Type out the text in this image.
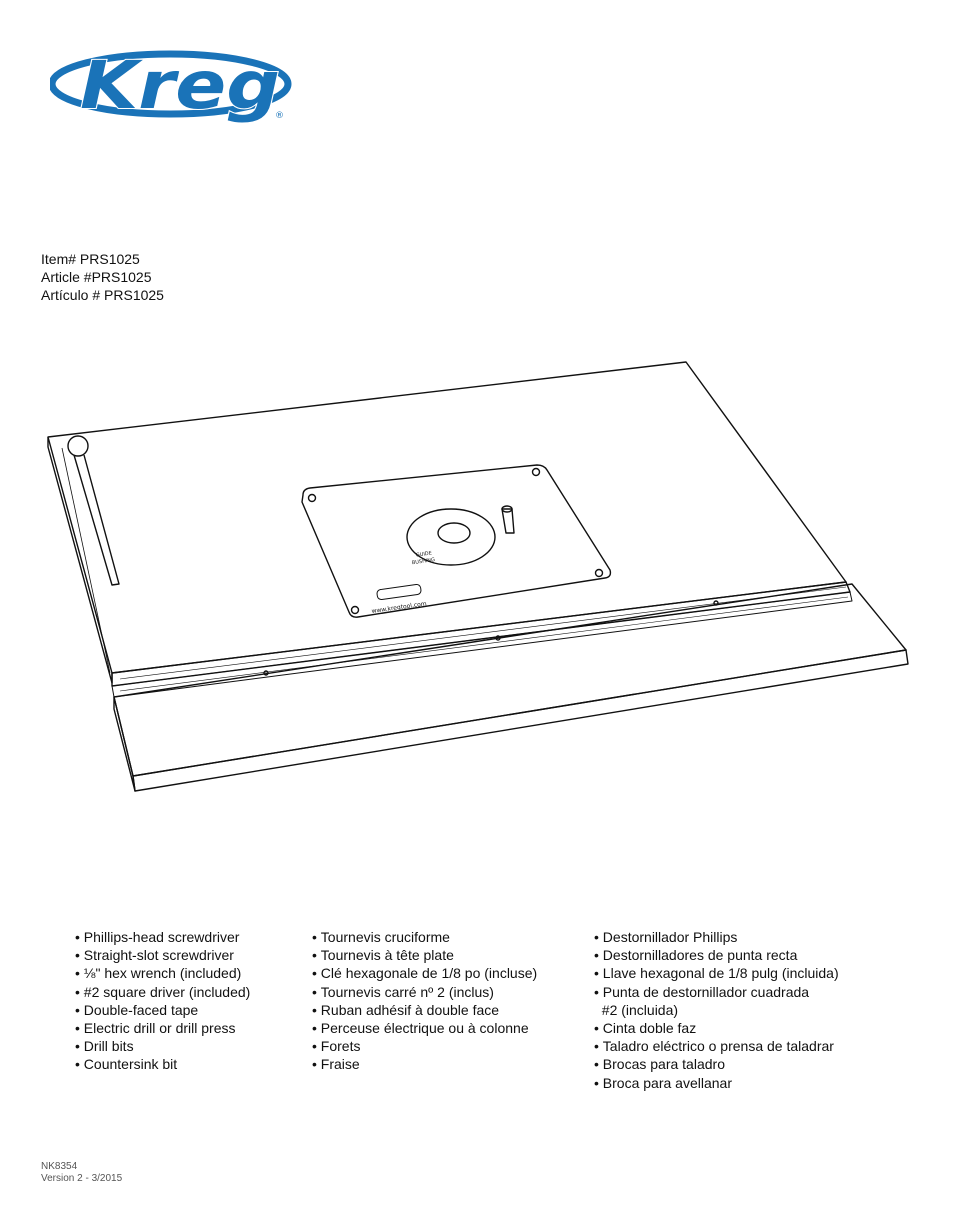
Kreg
®
Item# PRS1025
Article #PRS1025
Artículo # PRS1025
GUIDE
BUSHING
www.kregtool.com
• Phillips-head screwdriver
• Straight-slot screwdriver
• ⅛" hex wrench (included)
• #2 square driver (included)
• Double-faced tape
• Electric drill or drill press
• Drill bits
• Countersink bit
• Tournevis cruciforme
• Tournevis à tête plate
• Clé hexagonale de 1/8 po (incluse)
• Tournevis carré nº 2 (inclus)
• Ruban adhésif à double face
• Perceuse électrique ou à colonne
• Forets
• Fraise
• Destornillador Phillips
• Destornilladores de punta recta
• Llave hexagonal de 1/8 pulg (incluida)
• Punta de destornillador cuadrada
#2 (incluida)
• Cinta doble faz
• Taladro eléctrico o prensa de taladrar
• Brocas para taladro
• Broca para avellanar
NK8354
Version 2 - 3/2015
